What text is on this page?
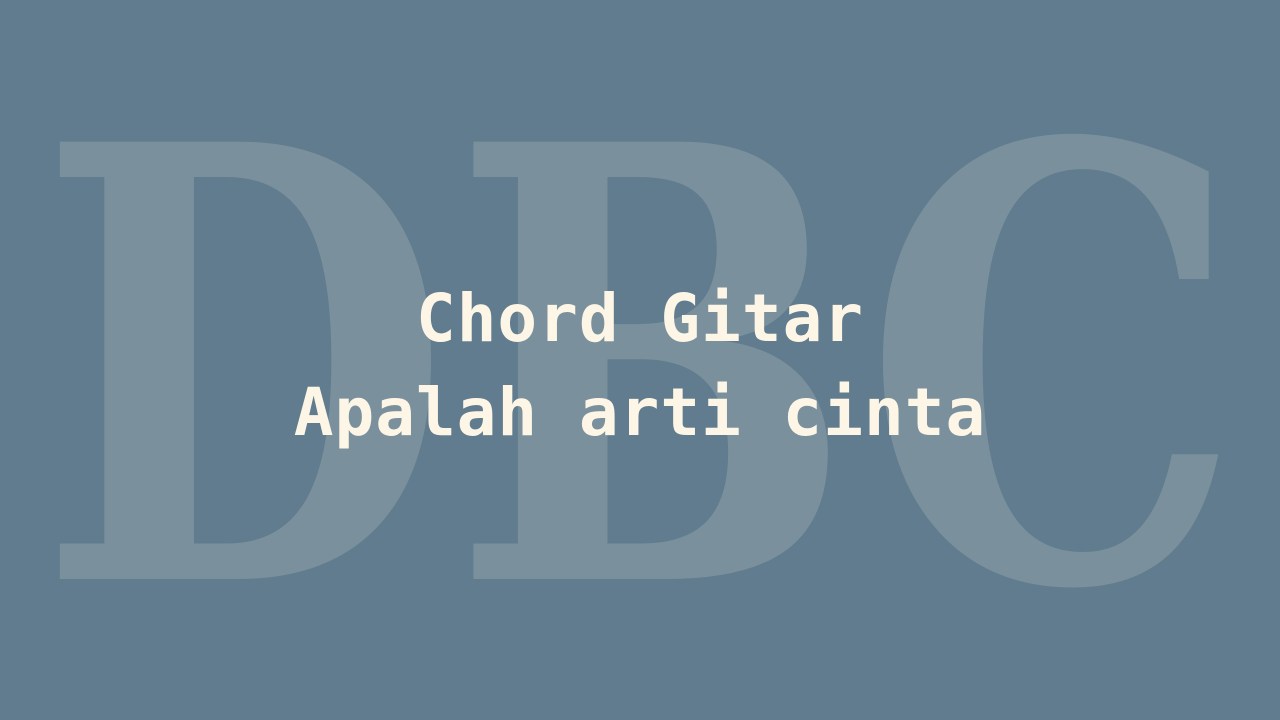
DBC
Chord Gitar
Apalah arti cinta
